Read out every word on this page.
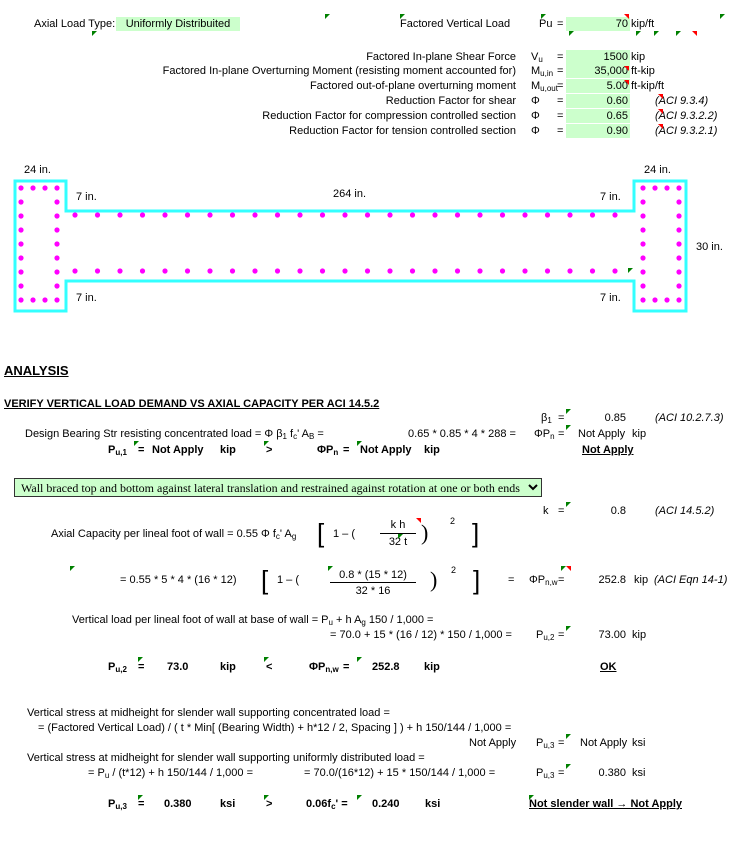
Axial Load Type: Uniformly Distribuited	Factored Vertical Load	Pu =	70 kip/ft
Factored In-plane Shear Force $V_u$ =	1500 kip
Factored In-plane Overturning Moment (resisting moment accounted for) $M_{u,in}$ =	35,000 ft-kip
Factored out-of-plane overturning moment $M_{u,out}$ =	5.00 ft-kip/ft
Reduction Factor for shear Φ =	0.60 (ACI 9.3.4)
Reduction Factor for compression controlled section Φ =	0.65 (ACI 9.3.2.2)
Reduction Factor for tension controlled section Φ =	0.90 (ACI 9.3.2.1)
24 in.	24 in.
264 in.
7 in.	7 in.
7 in.	7 in.
30 in.
ANALYSIS
VERIFY VERTICAL LOAD DEMAND VS AXIAL CAPACITY PER ACI 14.5.2
$\beta_1$ =	0.85	(ACI 10.2.7.3)
Design Bearing Str resisting concentrated load = Φ $\beta_1$ $f_c'$ $A_B$ =	$0.65 * 0.85 * 4 * 288 = \Phi P_n$ = Not Apply kip
$P_{u,1}$ = Not Apply kip	>	$\Phi P_n$ = Not Apply kip	Not Apply
Wall braced top and bottom against lateral translation and restrained against rotation at one or both ends
k =	0.8	(ACI 14.5.2)
Axial Capacity per lineal foot of wall = 0.55 Φ $f_c'$ $A_g$ [ 1 – (
k h
32 t ) 2 ]
= 0.55 * 5 * 4 * (16 * 12) [ 1 – (	0.8 * (15 * 12)
32 * 16	) 2 ]	= $\Phi P_{n,w}$ =	252.8 kip (ACI Eqn 14-1)
Vertical load per lineal foot of wall at base of wall = $P_u + h$ $A_g$ 150 / 1,000 =
= $70.0 + 15 * (16 / 12) * 150 / 1,000 = P_{u,2}$ =	73.00 kip
$P_{u,2} = 73.0$	kip	<	$\Phi P_{n,w} = 252.8$ kip	OK
Vertical stress at midheight for slender wall supporting concentrated load =
= (Factored Vertical Load) / ( t * Min[ (Bearing Width) + h*12 / 2, Spacing ] ) + h 150/144 / 1,000 =
Not Apply $P_{u,3}$ = Not Apply ksi
Vertical stress at midheight for slender wall supporting uniformly distributed load =
= $P_u / (t*12) + h$ 150/144 / 1,000 =	= 70.0/(16*12) + 15 * 150/144 / 1,000 =	$P_{u,3}$ =	0.380 ksi
$P_{u,3} = 0.380$	ksi	>	$0.06f_c' = 0.240$ ksi	Not slender wall → Not Apply
